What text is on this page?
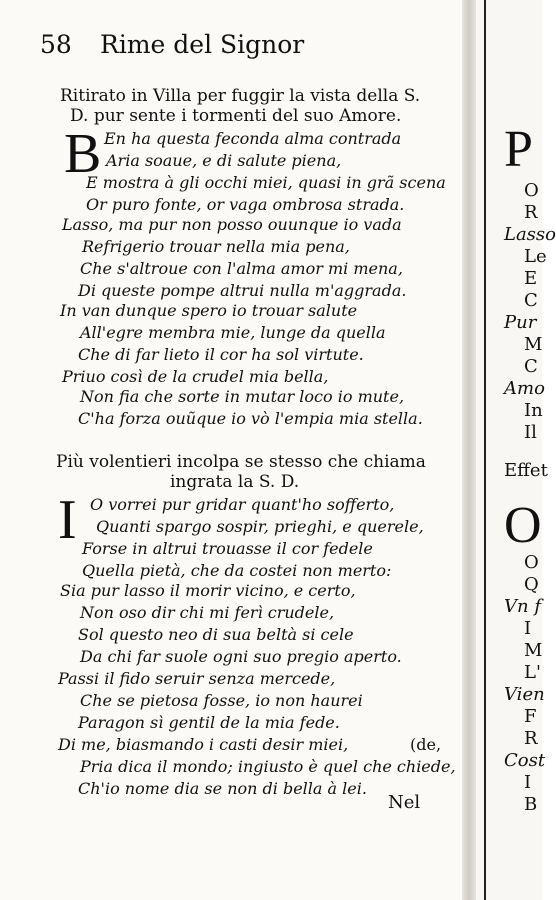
58 Rime del Signor
Ritirato in Villa per fuggir la vista della S.
D. pur sente i tormenti del suo Amore.
B En ha questa feconda alma contrada
Aria soaue, e di salute piena,
E mostra à gli occhi miei, quasi in grã scena
Or puro fonte, or vaga ombrosa strada.
Lasso, ma pur non posso ouunque io vada
Refrigerio trouar nella mia pena,
Che s'altroue con l'alma amor mi mena,
Di queste pompe altrui nulla m'aggrada.
In van dunque spero io trouar salute
All'egre membra mie, lunge da quella
Che di far lieto il cor ha sol virtute.
Priuo così de la crudel mia bella,
Non fia che sorte in mutar loco io mute,
C'ha forza ouũque io vò l'empia mia stella.
Più volentieri incolpa se stesso che chiama
ingrata la S. D.
I O vorrei pur gridar quant'ho sofferto,
Quanti spargo sospir, prieghi, e querele,
Forse in altrui trouasse il cor fedele
Quella pietà, che da costei non merto:
Sia pur lasso il morir vicino, e certo,
Non oso dir chi mi ferì crudele,
Sol questo neo di sua beltà si cele
Da chi far suole ogni suo pregio aperto.
Passi il fido seruir senza mercede,
Che se pietosa fosse, io non haurei
Paragon sì gentil de la mia fede.
Di me, biasmando i casti desir miei,
Pria dica il mondo; ingiusto è quel che chiede,
Ch'io nome dia se non di bella à lei.
(de,
Nel
P
O
R
Lasso
Le
E
C
Pur
M
C
Amo
In
Il
Effet
O
O
Q
Vn f
I
M
L'
Vien
F
R
Cost
I
B
